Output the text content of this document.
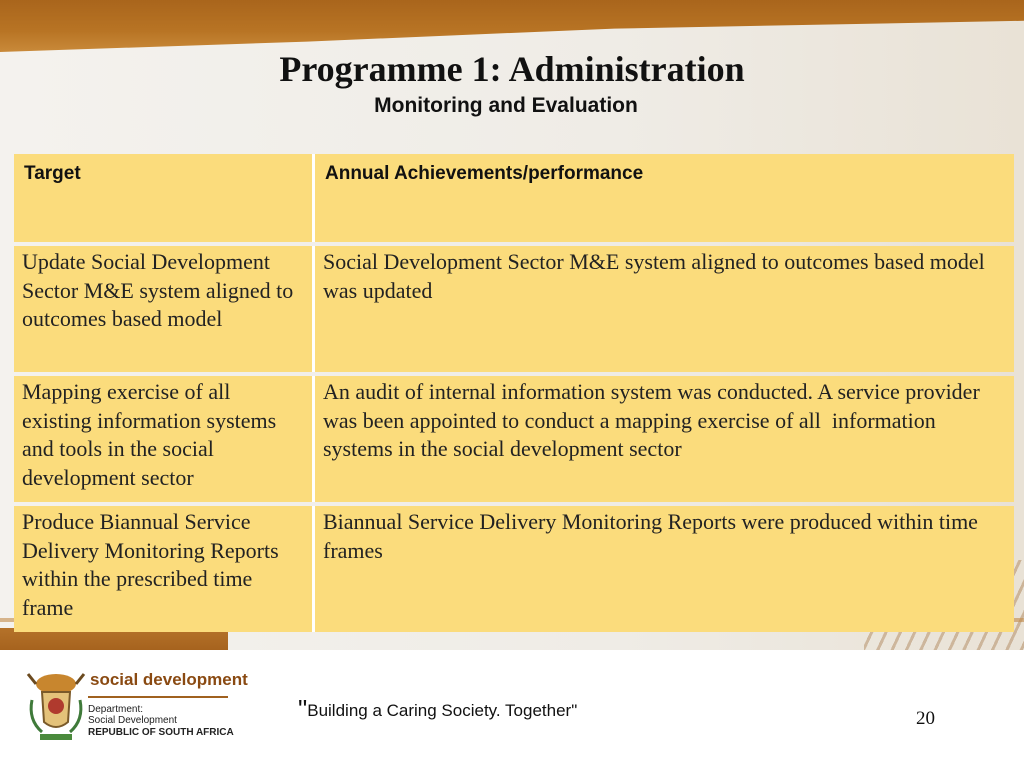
Programme 1: Administration
Monitoring and Evaluation
Target	Annual Achievements/performance
Update Social Development Sector M&E system aligned to outcomes based model	Social Development Sector M&E system aligned to outcomes based model was updated
Mapping exercise of all existing information systems and tools in the social development sector	An audit of internal information system was conducted. A service provider was been appointed to conduct a mapping exercise of all  information systems in the social development sector
Produce Biannual Service Delivery Monitoring Reports within the prescribed time frame	Biannual Service Delivery Monitoring Reports were produced within time frames
social development
Department:
Social Development
REPUBLIC OF SOUTH AFRICA
"Building a Caring Society. Together"	20
